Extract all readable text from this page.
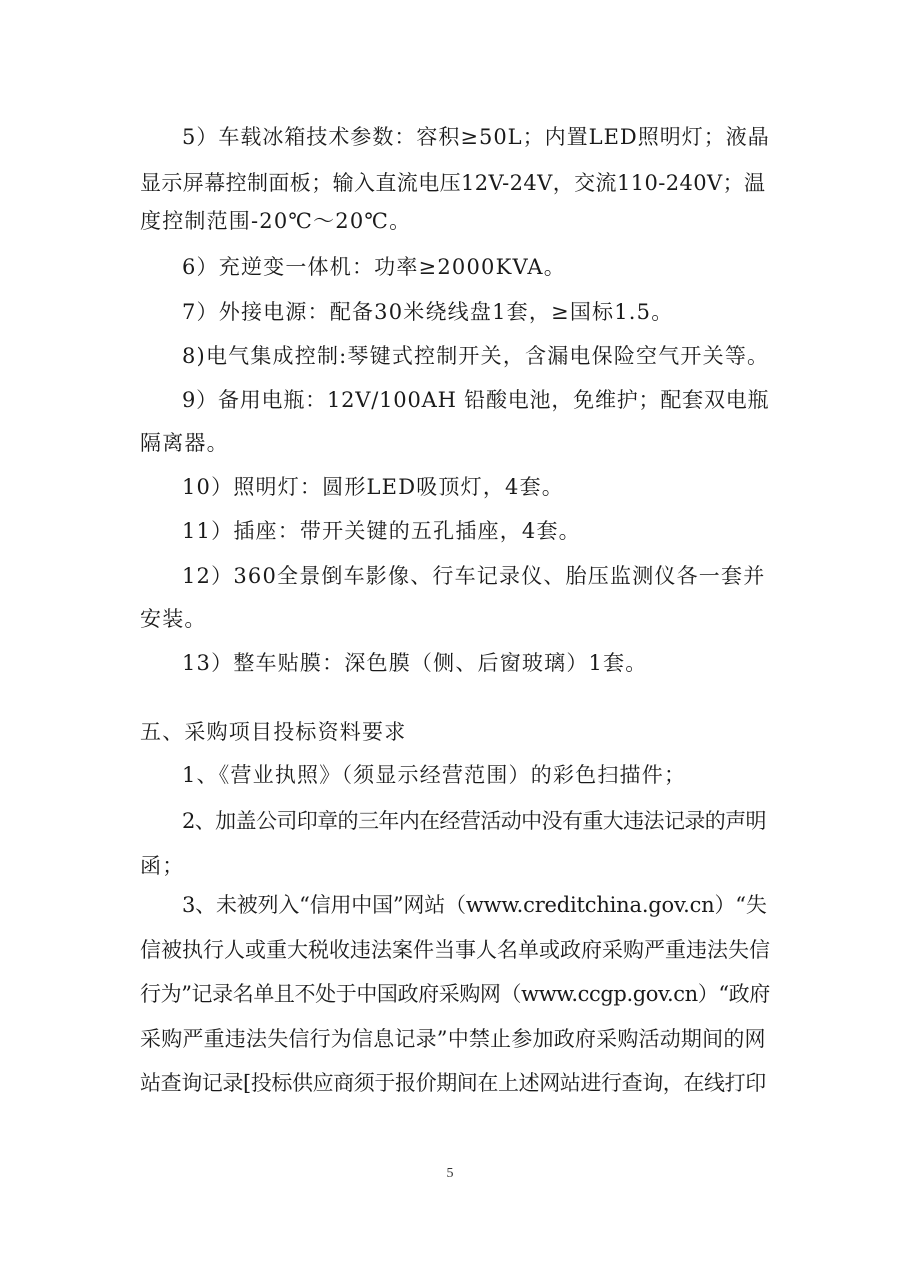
5）车载冰箱技术参数：容积≥50L；内置LED照明灯；液晶
显示屏幕控制面板；输入直流电压12V-24V，交流110-240V；温
度控制范围-20℃～20℃。
6）充逆变一体机：功率≥2000KVA。
7）外接电源：配备30米绕线盘1套，≥国标1.5。
8)电气集成控制:琴键式控制开关，含漏电保险空气开关等。
9）备用电瓶：12V/100AH 铅酸电池，免维护；配套双电瓶
隔离器。
10）照明灯：圆形LED吸顶灯，4套。
11）插座：带开关键的五孔插座，4套。
12）360全景倒车影像、行车记录仪、胎压监测仪各一套并
安装。
13）整车贴膜：深色膜（侧、后窗玻璃）1套。
五、采购项目投标资料要求
1、《营业执照》（须显示经营范围）的彩色扫描件；
2、加盖公司印章的三年内在经营活动中没有重大违法记录的声明
函；
3、未被列入“信用中国”网站（www.creditchina.gov.cn）“失
信被执行人或重大税收违法案件当事人名单或政府采购严重违法失信
行为”记录名单且不处于中国政府采购网（www.ccgp.gov.cn）“政府
采购严重违法失信行为信息记录”中禁止参加政府采购活动期间的网
站查询记录[投标供应商须于报价期间在上述网站进行查询，在线打印
5
